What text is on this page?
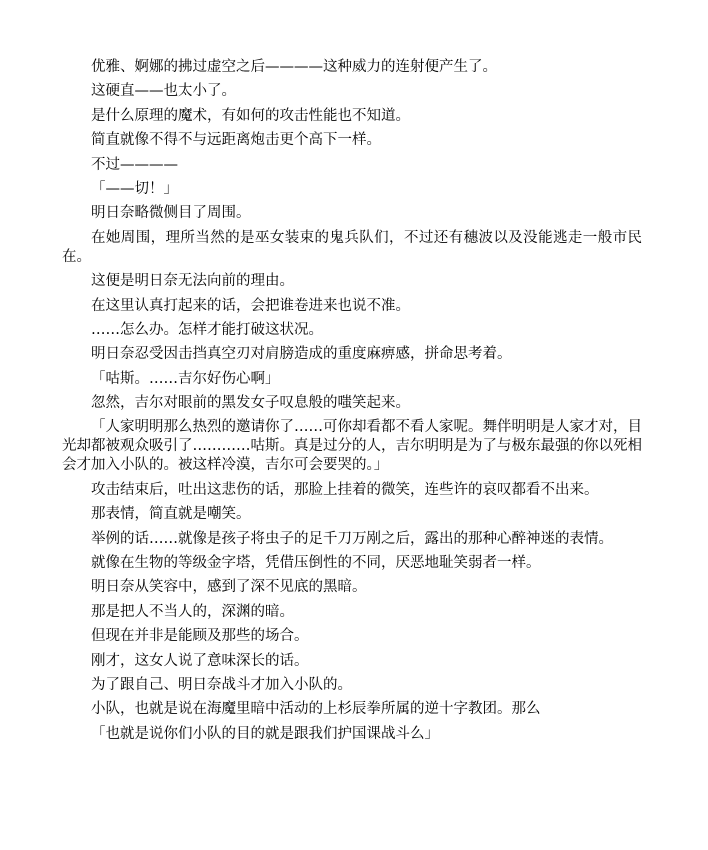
优雅、婀娜的拂过虚空之后————这种威力的连射便产生了。

这硬直——也太小了。

是什么原理的魔术，有如何的攻击性能也不知道。

简直就像不得不与远距离炮击更个高下一样。

不过————

「——切！」

明日奈略微侧目了周围。

在她周围，理所当然的是巫女装束的鬼兵队们，不过还有穗波以及没能逃走一般市民在。

这便是明日奈无法向前的理由。

在这里认真打起来的话，会把谁卷进来也说不准。

……怎么办。怎样才能打破这状况。

明日奈忍受因击挡真空刃对肩膀造成的重度麻痹感，拼命思考着。

「咕斯。……吉尔好伤心啊」

忽然，吉尔对眼前的黑发女子叹息般的嗤笑起来。

「人家明明那么热烈的邀请你了……可你却看都不看人家呢。舞伴明明是人家才对，目光却都被观众吸引了…………咕斯。真是过分的人，吉尔明明是为了与极东最强的你以死相会才加入小队的。被这样冷漠，吉尔可会要哭的。」

攻击结束后，吐出这悲伤的话，那脸上挂着的微笑，连些许的哀叹都看不出来。

那表情，简直就是嘲笑。

举例的话……就像是孩子将虫子的足千刀万剐之后，露出的那种心醉神迷的表情。

就像在生物的等级金字塔，凭借压倒性的不同，厌恶地耻笑弱者一样。

明日奈从笑容中，感到了深不见底的黑暗。

那是把人不当人的，深渊的暗。

但现在并非是能顾及那些的场合。

刚才，这女人说了意味深长的话。

为了跟自己、明日奈战斗才加入小队的。

小队，也就是说在海魔里暗中活动的上杉辰拳所属的逆十字教团。那么

「也就是说你们小队的目的就是跟我们护国课战斗么」
